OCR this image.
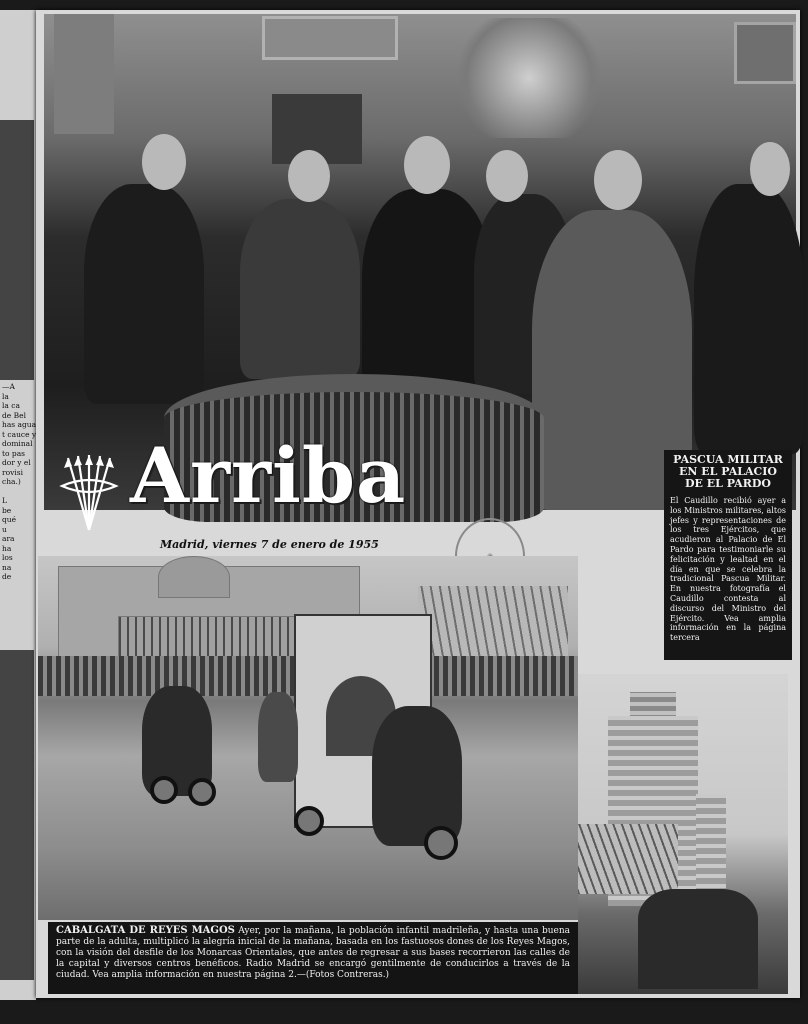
—A
la
la ca
de Bel
has agua
t cauce y
dominal
to pas
dor y el
rovisi
cha.)

L
be
qué
u
ara
ha
los
na
de
Arriba	PASCUA MILITAR EN EL PALACIO DE EL PARDO
El Caudillo recibió ayer a los Ministros militares, altos jefes y representaciones de los tres Ejércitos, que acudieron al Palacio de El Pardo para testimoniarle su felicitación y lealtad en el día en que se celebra la tradicional Pascua Militar. En nuestra fotografía el Caudillo contesta al discurso del Ministro del Ejército. Vea amplia información en la página tercera
Madrid, viernes 7 de enero de 1955
CABALGATA DE REYES MAGOS Ayer, por la mañana, la población infantil madrileña, y hasta una buena parte de la adulta, multiplicó la alegría inicial de la mañana, basada en los fastuosos dones de los Reyes Magos, con la visión del desfile de los Monarcas Orientales, que antes de regresar a sus bases recorrieron las calles de la capital y diversos centros benéficos. Radio Madrid se encargó gentilmente de conducirlos a través de la ciudad. Vea amplia información en nuestra página 2.—(Fotos Contreras.)
